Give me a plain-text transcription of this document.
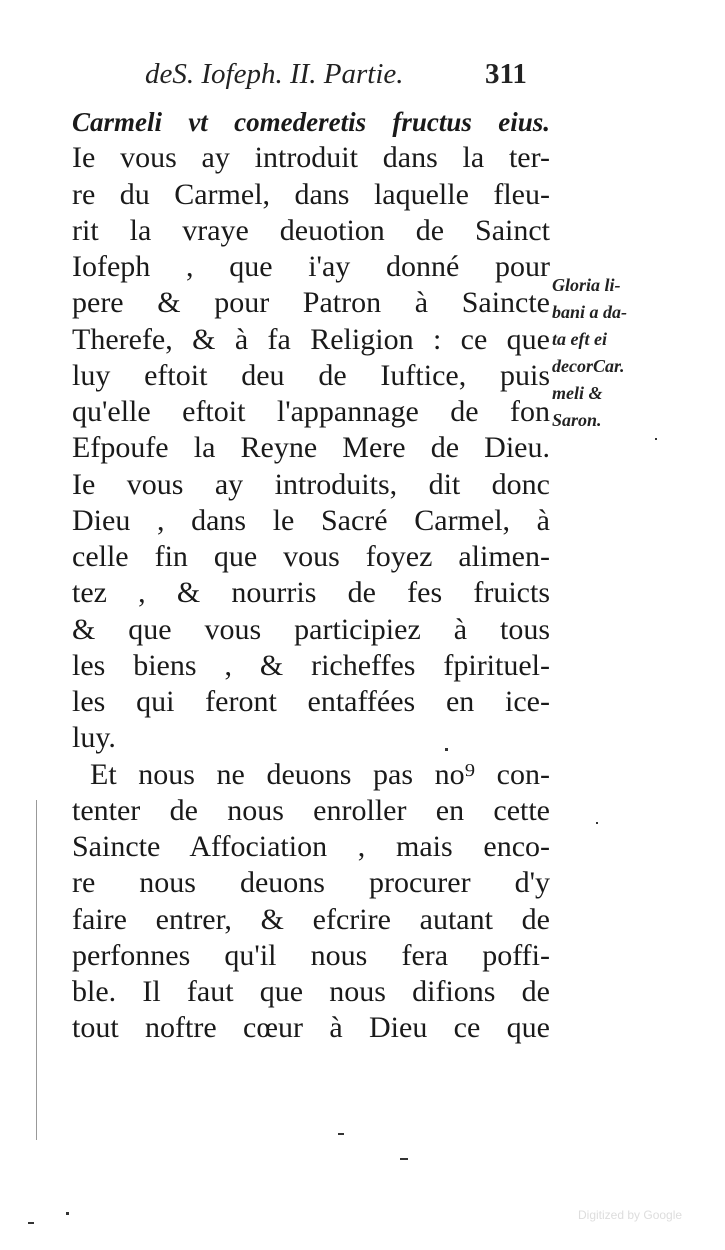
deS. Iofeph. II. Partie.	311
Carmeli vt comederetis fructus eius.
Ie vous ay introduit dans la ter-
re du Carmel, dans laquelle fleu-
rit la vraye deuotion de Sainct
Iofeph , que i'ay donné pour
pere & pour Patron à Saincte
Therefe, & à fa Religion : ce que
luy eftoit deu de Iuftice, puis
qu'elle eftoit l'appannage de fon
Efpoufe la Reyne Mere de Dieu.
Ie vous ay introduits, dit donc
Dieu , dans le Sacré Carmel, à
celle fin que vous foyez alimen-
tez , & nourris de fes fruicts
& que vous participiez à tous
les biens , & richeffes fpirituel-
les qui feront entaffées en ice-
luy.
Et nous ne deuons pas no⁹ con-
tenter de nous enroller en cette
Saincte Affociation , mais enco-
re nous deuons procurer d'y
faire entrer, & efcrire autant de
perfonnes qu'il nous fera poffi-
ble. Il faut que nous difions de
tout noftre cœur à Dieu ce que
Gloria li-
bani a da-
ta eft ei
decorCar.
meli &
Saron.
Digitized by Google
